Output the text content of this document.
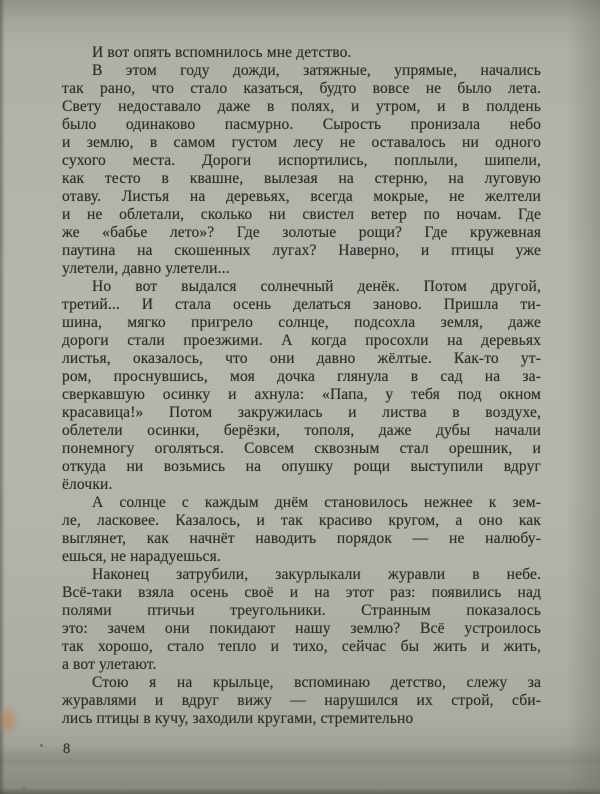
И вот опять вспомнилось мне детство.
В этом году дожди, затяжные, упрямые, начались
так рано, что стало казаться, будто вовсе не было лета.
Свету недоставало даже в полях, и утром, и в полдень
было одинаково пасмурно. Сырость пронизала небо
и землю, в самом густом лесу не оставалось ни одного
сухого места. Дороги испортились, поплыли, шипели,
как тесто в квашне, вылезая на стерню, на луговую
отаву. Листья на деревьях, всегда мокрые, не желтели
и не облетали, сколько ни свистел ветер по ночам. Где
же «бабье лето»? Где золотые рощи? Где кружевная
паутина на скошенных лугах? Наверно, и птицы уже
улетели, давно улетели...
Но вот выдался солнечный денёк. Потом другой,
третий... И стала осень делаться заново. Пришла ти-
шина, мягко пригрело солнце, подсохла земля, даже
дороги стали проезжими. А когда просохли на деревьях
листья, оказалось, что они давно жёлтые. Как-то ут-
ром, проснувшись, моя дочка глянула в сад на за-
сверкавшую осинку и ахнула: «Папа, у тебя под окном
красавица!» Потом закружилась и листва в воздухе,
облетели осинки, берёзки, тополя, даже дубы начали
понемногу оголяться. Совсем сквозным стал орешник, и
откуда ни возьмись на опушку рощи выступили вдруг
ёлочки.
А солнце с каждым днём становилось нежнее к зем-
ле, ласковее. Казалось, и так красиво кругом, а оно как
выглянет, как начнёт наводить порядок — не налюбу-
ешься, не нарадуешься.
Наконец затрубили, закурлыкали журавли в небе.
Всё-таки взяла осень своё и на этот раз: появились над
полями птичьи треугольники. Странным показалось
это: зачем они покидают нашу землю? Всё устроилось
так хорошо, стало тепло и тихо, сейчас бы жить и жить,
а вот улетают.
Стою я на крыльце, вспоминаю детство, слежу за
журавлями и вдруг вижу — нарушился их строй, сби-
лись птицы в кучу, заходили кругами, стремительно
8
